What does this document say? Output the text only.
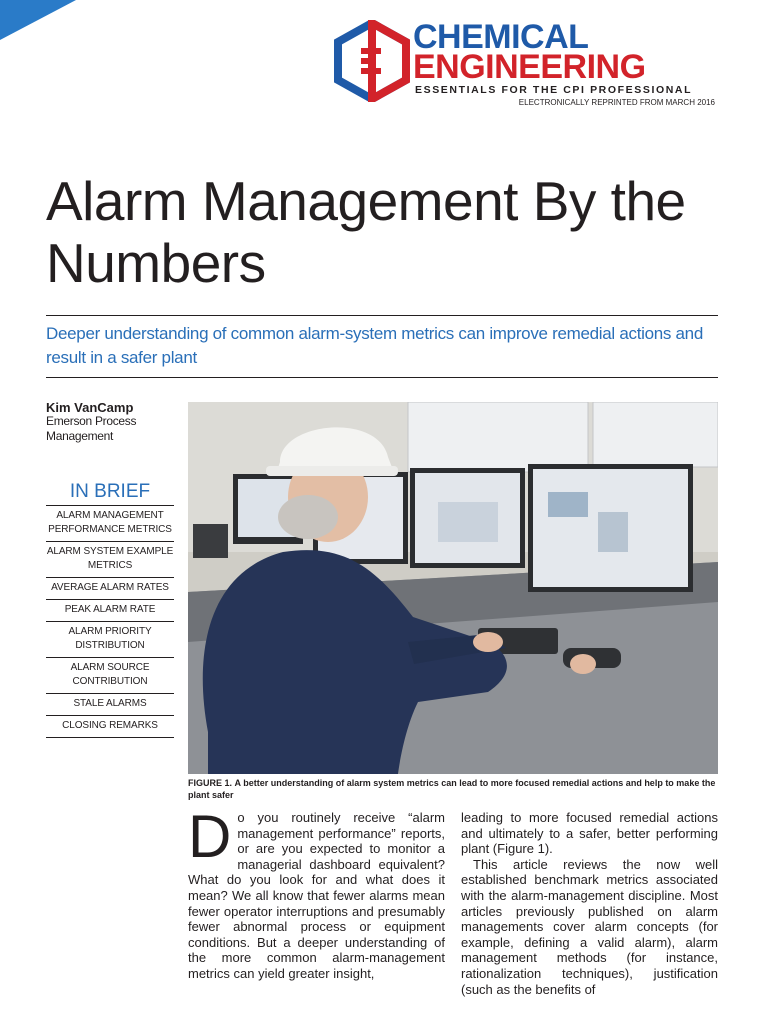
CHEMICAL
ENGINEERING
ESSENTIALS FOR THE CPI PROFESSIONAL
ELECTRONICALLY REPRINTED FROM MARCH 2016
Alarm Management By the Numbers

Deeper understanding of common alarm-system metrics can improve remedial actions and result in a safer plant

Kim VanCamp
Emerson Process Management
IN BRIEF
ALARM MANAGEMENT PERFORMANCE METRICS
ALARM SYSTEM EXAMPLE METRICS
AVERAGE ALARM RATES
PEAK ALARM RATE
ALARM PRIORITY DISTRIBUTION
ALARM SOURCE CONTRIBUTION
STALE ALARMS
CLOSING REMARKS

FIGURE 1. A better understanding of alarm system metrics can lead to more focused remedial actions and help to make the plant safer

Do you routinely receive “alarm management performance” reports, or are you expected to monitor a managerial dashboard equivalent? What do you look for and what does it mean? We all know that fewer alarms mean fewer operator interruptions and presumably fewer abnormal process or equipment conditions. But a deeper understanding of the more common alarm-management metrics can yield greater insight,

leading to more focused remedial actions and ultimately to a safer, better performing plant (Figure 1).

This article reviews the now well established benchmark metrics associated with the alarm-management discipline. Most articles previously published on alarm managements cover alarm concepts (for example, defining a valid alarm), alarm management methods (for instance, rationalization techniques), justification (such as the benefits of
